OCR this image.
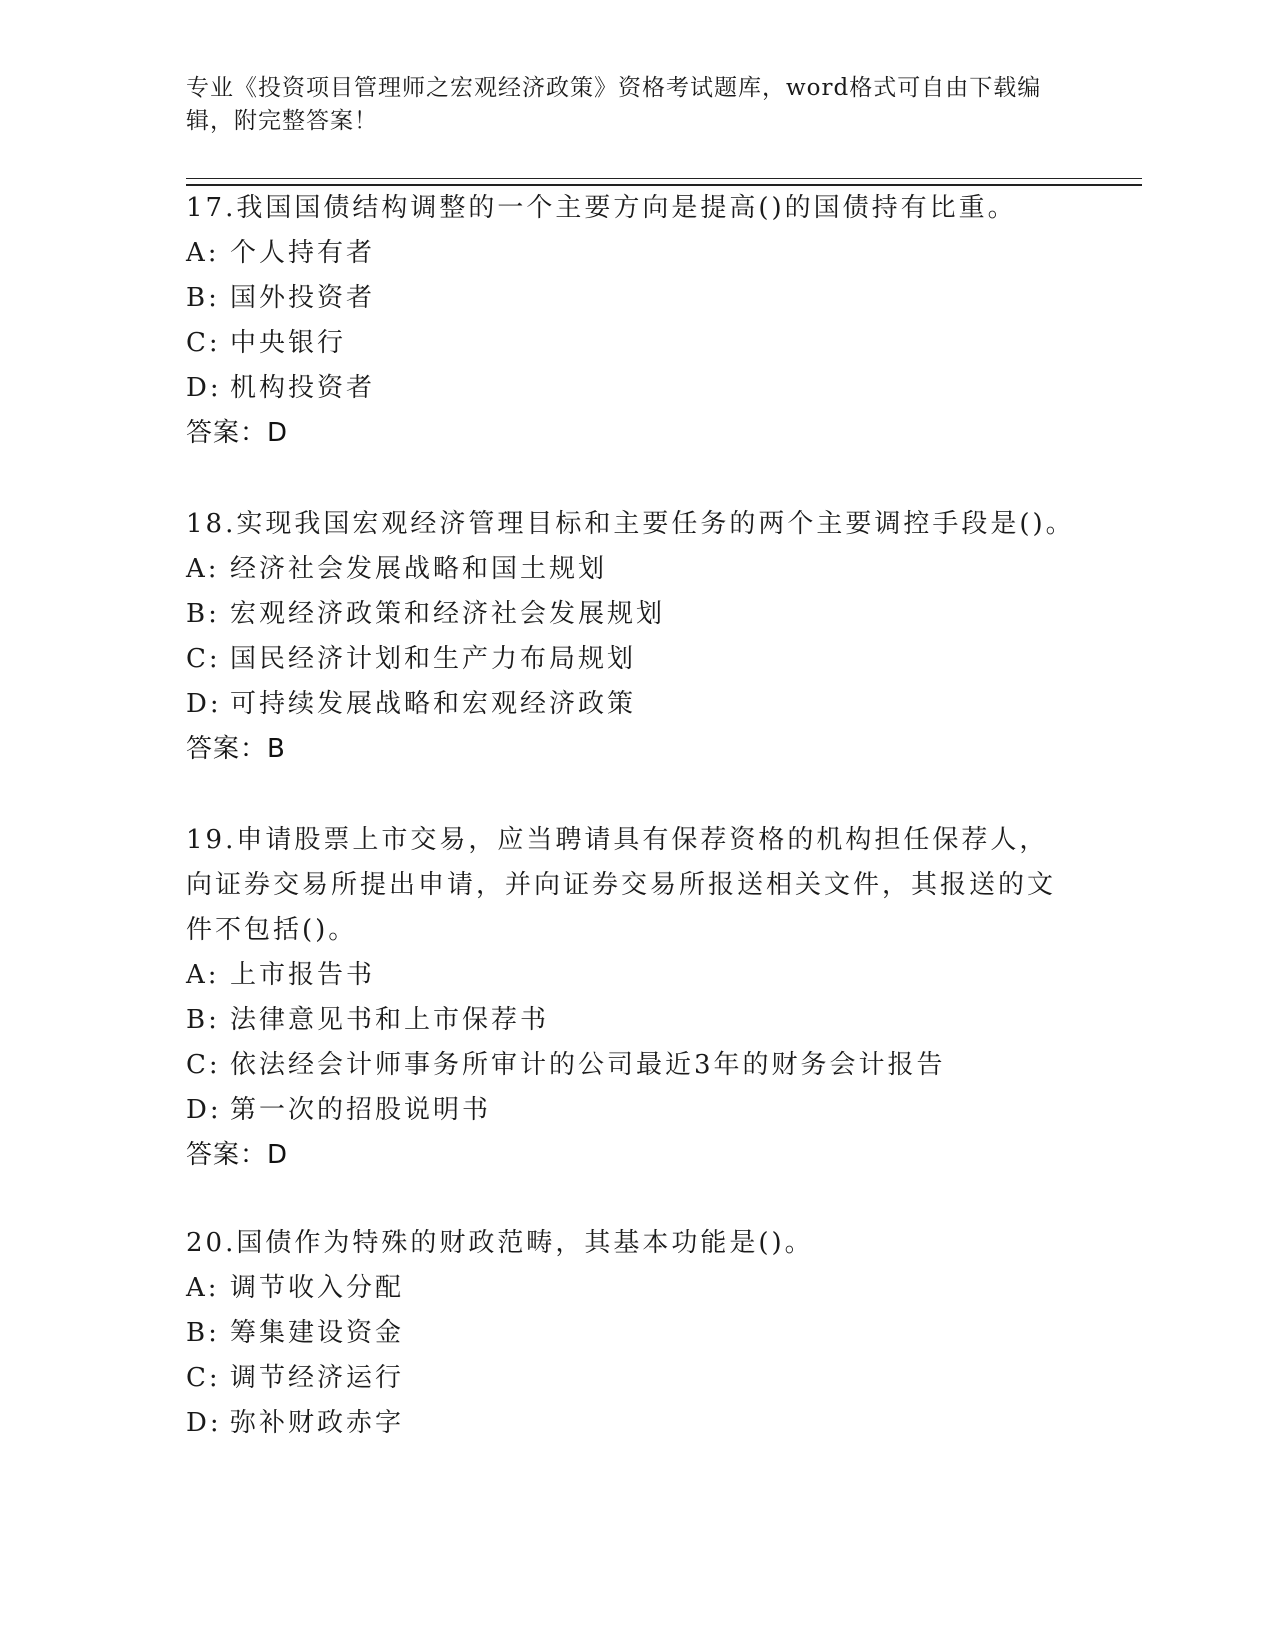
专业《投资项目管理师之宏观经济政策》资格考试题库，word格式可自由下载编辑，附完整答案！
17.我国国债结构调整的一个主要方向是提高()的国债持有比重。
A: 个人持有者
B: 国外投资者
C: 中央银行
D: 机构投资者
答案：D
18.实现我国宏观经济管理目标和主要任务的两个主要调控手段是()。
A: 经济社会发展战略和国土规划
B: 宏观经济政策和经济社会发展规划
C: 国民经济计划和生产力布局规划
D: 可持续发展战略和宏观经济政策
答案：B
19.申请股票上市交易，应当聘请具有保荐资格的机构担任保荐人，向证券交易所提出申请，并向证券交易所报送相关文件，其报送的文件不包括()。
A: 上市报告书
B: 法律意见书和上市保荐书
C: 依法经会计师事务所审计的公司最近3年的财务会计报告
D: 第一次的招股说明书
答案：D
20.国债作为特殊的财政范畴，其基本功能是()。
A: 调节收入分配
B: 筹集建设资金
C: 调节经济运行
D: 弥补财政赤字
